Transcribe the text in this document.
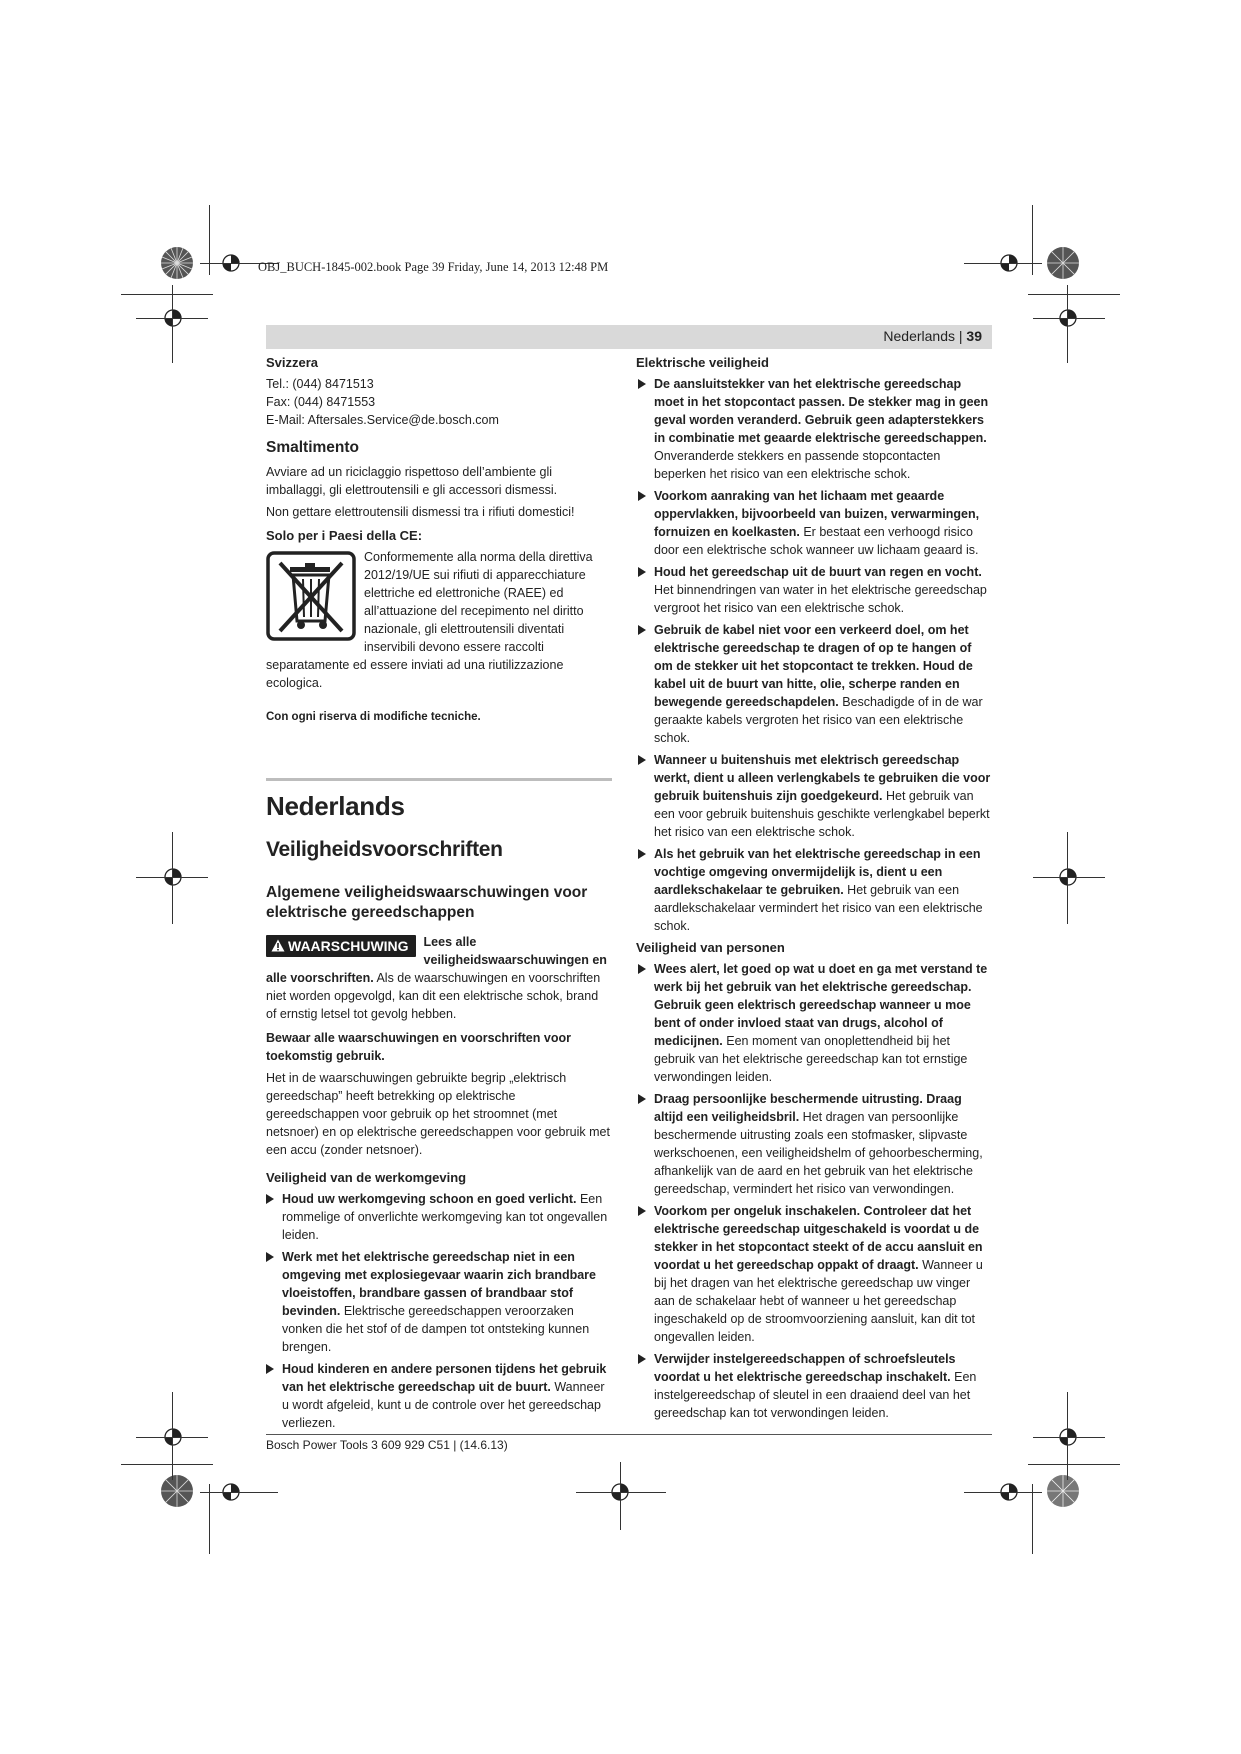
OBJ_BUCH-1845-002.book Page 39 Friday, June 14, 2013 12:48 PM
Nederlands | 39

Svizzera

Tel.: (044) 8471513
Fax: (044) 8471553
E-Mail: Aftersales.Service@de.bosch.com

Smaltimento

Avviare ad un riciclaggio rispettoso dell’ambiente gli imballaggi, gli elettroutensili e gli accessori dismessi.

Non gettare elettroutensili dismessi tra i rifiuti domestici!

Solo per i Paesi della CE:

Conformemente alla norma della direttiva 2012/19/UE sui rifiuti di apparecchiature elettriche ed elettroniche (RAEE) ed all’attuazione del recepimento nel diritto nazionale, gli elettroutensili diventati inservibili devono essere raccolti separatamente ed essere inviati ad una riutilizzazione ecologica.

Con ogni riserva di modifiche tecniche.

Nederlands
Veiligheidsvoorschriften
Algemene veiligheidswaarschuwingen voor elektrische gereedschappen

WAARSCHUWING	Lees alle veiligheidswaarschuwingen en alle voorschriften. Als de waarschuwingen en voorschriften niet worden opgevolgd, kan dit een elektrische schok, brand of ernstig letsel tot gevolg hebben.

Bewaar alle waarschuwingen en voorschriften voor toekomstig gebruik.

Het in de waarschuwingen gebruikte begrip „elektrisch gereedschap” heeft betrekking op elektrische gereedschappen voor gebruik op het stroomnet (met netsnoer) en op elektrische gereedschappen voor gebruik met een accu (zonder netsnoer).

Veiligheid van de werkomgeving

Houd uw werkomgeving schoon en goed verlicht. Een rommelige of onverlichte werkomgeving kan tot ongevallen leiden.
Werk met het elektrische gereedschap niet in een omgeving met explosiegevaar waarin zich brandbare vloeistoffen, brandbare gassen of brandbaar stof bevinden. Elektrische gereedschappen veroorzaken vonken die het stof of de dampen tot ontsteking kunnen brengen.
Houd kinderen en andere personen tijdens het gebruik van het elektrische gereedschap uit de buurt. Wanneer u wordt afgeleid, kunt u de controle over het gereedschap verliezen.

Elektrische veiligheid

De aansluitstekker van het elektrische gereedschap moet in het stopcontact passen. De stekker mag in geen geval worden veranderd. Gebruik geen adapterstekkers in combinatie met geaarde elektrische gereedschappen. Onveranderde stekkers en passende stopcontacten beperken het risico van een elektrische schok.
Voorkom aanraking van het lichaam met geaarde oppervlakken, bijvoorbeeld van buizen, verwarmingen, fornuizen en koelkasten. Er bestaat een verhoogd risico door een elektrische schok wanneer uw lichaam geaard is.
Houd het gereedschap uit de buurt van regen en vocht. Het binnendringen van water in het elektrische gereedschap vergroot het risico van een elektrische schok.
Gebruik de kabel niet voor een verkeerd doel, om het elektrische gereedschap te dragen of op te hangen of om de stekker uit het stopcontact te trekken. Houd de kabel uit de buurt van hitte, olie, scherpe randen en bewegende gereedschapdelen. Beschadigde of in de war geraakte kabels vergroten het risico van een elektrische schok.
Wanneer u buitenshuis met elektrisch gereedschap werkt, dient u alleen verlengkabels te gebruiken die voor gebruik buitenshuis zijn goedgekeurd. Het gebruik van een voor gebruik buitenshuis geschikte verlengkabel beperkt het risico van een elektrische schok.
Als het gebruik van het elektrische gereedschap in een vochtige omgeving onvermijdelijk is, dient u een aardlekschakelaar te gebruiken. Het gebruik van een aardlekschakelaar vermindert het risico van een elektrische schok.

Veiligheid van personen

Wees alert, let goed op wat u doet en ga met verstand te werk bij het gebruik van het elektrische gereedschap. Gebruik geen elektrisch gereedschap wanneer u moe bent of onder invloed staat van drugs, alcohol of medicijnen. Een moment van onoplettendheid bij het gebruik van het elektrische gereedschap kan tot ernstige verwondingen leiden.
Draag persoonlijke beschermende uitrusting. Draag altijd een veiligheidsbril. Het dragen van persoonlijke beschermende uitrusting zoals een stofmasker, slipvaste werkschoenen, een veiligheidshelm of gehoorbescherming, afhankelijk van de aard en het gebruik van het elektrische gereedschap, vermindert het risico van verwondingen.
Voorkom per ongeluk inschakelen. Controleer dat het elektrische gereedschap uitgeschakeld is voordat u de stekker in het stopcontact steekt of de accu aansluit en voordat u het gereedschap oppakt of draagt. Wanneer u bij het dragen van het elektrische gereedschap uw vinger aan de schakelaar hebt of wanneer u het gereedschap ingeschakeld op de stroomvoorziening aansluit, kan dit tot ongevallen leiden.
Verwijder instelgereedschappen of schroefsleutels voordat u het elektrische gereedschap inschakelt. Een instelgereedschap of sleutel in een draaiend deel van het gereedschap kan tot verwondingen leiden.
Bosch Power Tools 3 609 929 C51 | (14.6.13)
